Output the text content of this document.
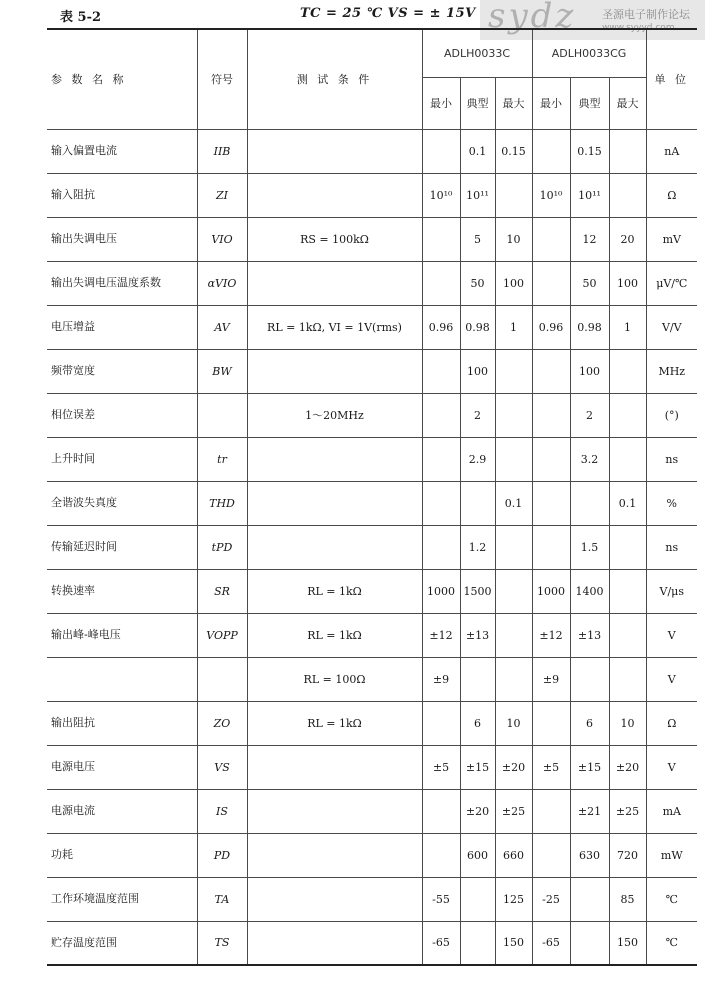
表 5-2	TC = 25 ℃ VS = ± 15V sydz 圣源电子制作论坛
www.syyyd.com
参 数 名 称	符号	测 试 条 件	ADLH0033C			ADLH0033CG			单 位
			最小	典型	最大	最小	典型	最大	
输入偏置电流	IIB			0.1	0.15		0.15		nA
输入阻抗	ZI		10¹⁰	10¹¹		10¹⁰	10¹¹		Ω
输出失调电压	VIO	RS = 100kΩ		5	10		12	20	mV
输出失调电压温度系数	αVIO			50	100		50	100	μV/℃
电压增益	AV	RL = 1kΩ, VI = 1V(rms)	0.96	0.98	1	0.96	0.98	1	V/V
频带宽度	BW			100			100		MHz
相位误差		1～20MHz		2			2		(°)
上升时间	tr			2.9			3.2		ns
全谐波失真度	THD				0.1			0.1	%
传输延迟时间	tPD			1.2			1.5		ns
转换速率	SR	RL = 1kΩ	1000	1500		1000	1400		V/μs
输出峰-峰电压	VOPP	RL = 1kΩ	±12	±13		±12	±13		V
		RL = 100Ω	±9			±9			V
输出阻抗	ZO	RL = 1kΩ		6	10		6	10	Ω
电源电压	VS		±5	±15	±20	±5	±15	±20	V
电源电流	IS			±20	±25		±21	±25	mA
功耗	PD			600	660		630	720	mW
工作环境温度范围	TA		-55		125	-25		85	℃
贮存温度范围	TS		-65		150	-65		150	℃
